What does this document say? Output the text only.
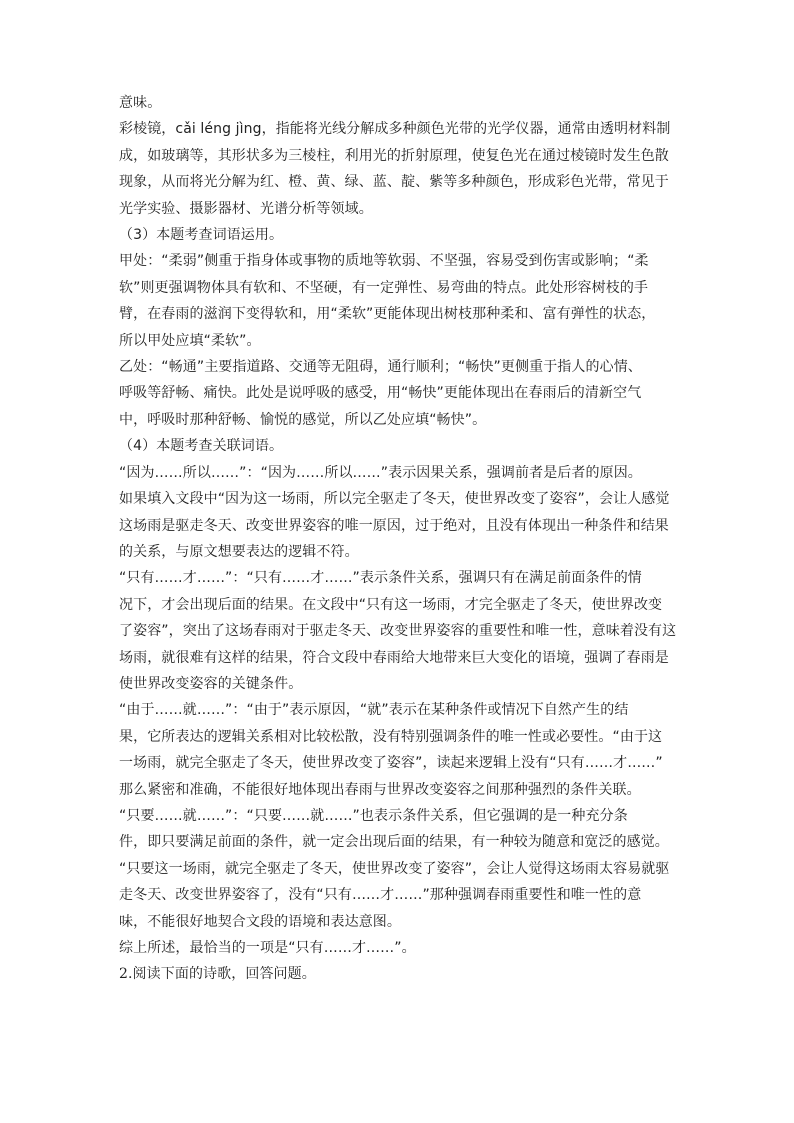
意味。
彩棱镜，cǎi léng jìng，指能将光线分解成多种颜色光带的光学仪器，通常由透明材料制
成，如玻璃等，其形状多为三棱柱，利用光的折射原理，使复色光在通过棱镜时发生色散
现象，从而将光分解为红、橙、黄、绿、蓝、靛、紫等多种颜色，形成彩色光带，常见于
光学实验、摄影器材、光谱分析等领域。
（3）本题考查词语运用。
甲处：“柔弱”侧重于指身体或事物的质地等软弱、不坚强，容易受到伤害或影响；“柔
软”则更强调物体具有软和、不坚硬，有一定弹性、易弯曲的特点。此处形容树枝的手
臂，在春雨的滋润下变得软和，用“柔软”更能体现出树枝那种柔和、富有弹性的状态，
所以甲处应填“柔软”。
乙处：“畅通”主要指道路、交通等无阻碍，通行顺利；“畅快”更侧重于指人的心情、
呼吸等舒畅、痛快。此处是说呼吸的感受，用“畅快”更能体现出在春雨后的清新空气
中，呼吸时那种舒畅、愉悦的感觉，所以乙处应填“畅快”。
（4）本题考查关联词语。
“因为……所以……”：“因为……所以……”表示因果关系，强调前者是后者的原因。
如果填入文段中“因为这一场雨，所以完全驱走了冬天，使世界改变了姿容”，会让人感觉
这场雨是驱走冬天、改变世界姿容的唯一原因，过于绝对，且没有体现出一种条件和结果
的关系，与原文想要表达的逻辑不符。
“只有……才……”：“只有……才……”表示条件关系，强调只有在满足前面条件的情
况下，才会出现后面的结果。在文段中“只有这一场雨，才完全驱走了冬天，使世界改变
了姿容”，突出了这场春雨对于驱走冬天、改变世界姿容的重要性和唯一性，意味着没有这
场雨，就很难有这样的结果，符合文段中春雨给大地带来巨大变化的语境，强调了春雨是
使世界改变姿容的关键条件。
“由于……就……”：“由于”表示原因，“就”表示在某种条件或情况下自然产生的结
果，它所表达的逻辑关系相对比较松散，没有特别强调条件的唯一性或必要性。“由于这
一场雨，就完全驱走了冬天，使世界改变了姿容”，读起来逻辑上没有“只有……才……”
那么紧密和准确，不能很好地体现出春雨与世界改变姿容之间那种强烈的条件关联。
“只要……就……”：“只要……就……”也表示条件关系，但它强调的是一种充分条
件，即只要满足前面的条件，就一定会出现后面的结果，有一种较为随意和宽泛的感觉。
“只要这一场雨，就完全驱走了冬天，使世界改变了姿容”，会让人觉得这场雨太容易就驱
走冬天、改变世界姿容了，没有“只有……才……”那种强调春雨重要性和唯一性的意
味，不能很好地契合文段的语境和表达意图。
综上所述，最恰当的一项是“只有……才……”。
2.阅读下面的诗歌，回答问题。
